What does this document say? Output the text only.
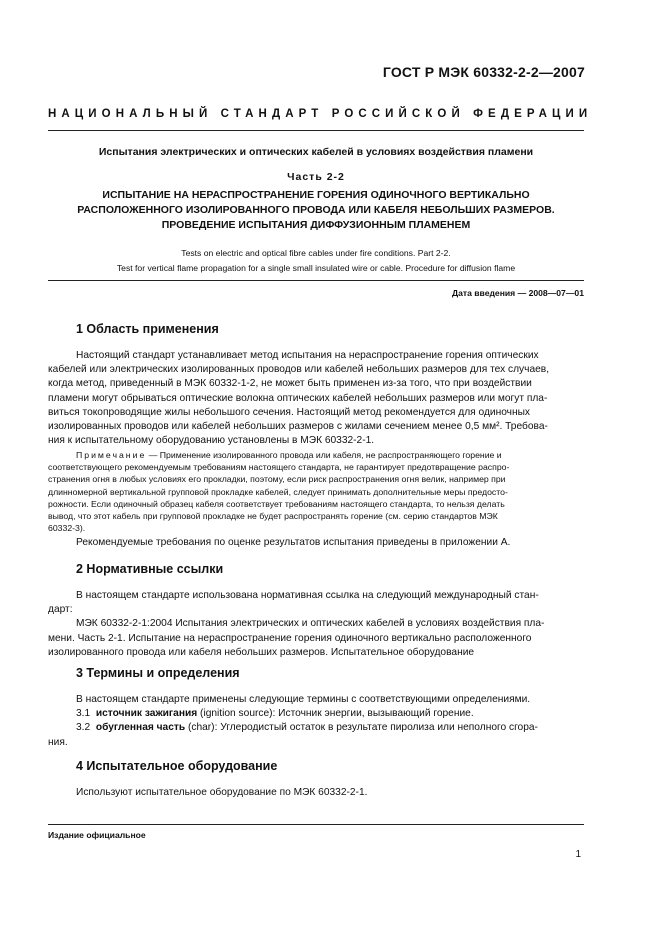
ГОСТ Р МЭК 60332-2-2—2007
НАЦИОНАЛЬНЫЙ СТАНДАРТ РОССИЙСКОЙ ФЕДЕРАЦИИ
Испытания электрических и оптических кабелей в условиях воздействия пламени
Часть 2-2
ИСПЫТАНИЕ НА НЕРАСПРОСТРАНЕНИЕ ГОРЕНИЯ ОДИНОЧНОГО ВЕРТИКАЛЬНО
РАСПОЛОЖЕННОГО ИЗОЛИРОВАННОГО ПРОВОДА ИЛИ КАБЕЛЯ НЕБОЛЬШИХ РАЗМЕРОВ.
ПРОВЕДЕНИЕ ИСПЫТАНИЯ ДИФФУЗИОННЫМ ПЛАМЕНЕМ
Tests on electric and optical fibre cables under fire conditions. Part 2-2.
Test for vertical flame propagation for a single small insulated wire or cable. Procedure for diffusion flame
Дата введения — 2008—07—01
1 Область применения
Настоящий стандарт устанавливает метод испытания на нераспространение горения оптических
кабелей или электрических изолированных проводов или кабелей небольших размеров для тех случаев,
когда метод, приведенный в МЭК 60332-1-2, не может быть применен из-за того, что при воздействии
пламени могут обрываться оптические волокна оптических кабелей небольших размеров или могут пла-
виться токопроводящие жилы небольшого сечения. Настоящий метод рекомендуется для одиночных
изолированных проводов или кабелей небольших размеров с жилами сечением менее 0,5 мм². Требова-
ния к испытательному оборудованию установлены в МЭК 60332-2-1.
Примечание — Применение изолированного провода или кабеля, не распространяющего горение и
соответствующего рекомендуемым требованиям настоящего стандарта, не гарантирует предотвращение распро-
странения огня в любых условиях его прокладки, поэтому, если риск распространения огня велик, например при
длинномерной вертикальной групповой прокладке кабелей, следует принимать дополнительные меры предосто-
рожности. Если одиночный образец кабеля соответствует требованиям настоящего стандарта, то нельзя делать
вывод, что этот кабель при групповой прокладке не будет распространять горение (см. серию стандартов МЭК
60332-3).
Рекомендуемые требования по оценке результатов испытания приведены в приложении А.
2 Нормативные ссылки
В настоящем стандарте использована нормативная ссылка на следующий международный стан-
дарт:
МЭК 60332-2-1:2004 Испытания электрических и оптических кабелей в условиях воздействия пла-
мени. Часть 2-1. Испытание на нераспространение горения одиночного вертикально расположенного
изолированного провода или кабеля небольших размеров. Испытательное оборудование
3 Термины и определения
В настоящем стандарте применены следующие термины с соответствующими определениями.
3.1 источник зажигания (ignition source): Источник энергии, вызывающий горение.
3.2 обугленная часть (char): Углеродистый остаток в результате пиролиза или неполного сгора-
ния.
4 Испытательное оборудование
Используют испытательное оборудование по МЭК 60332-2-1.
Издание официальное
1
